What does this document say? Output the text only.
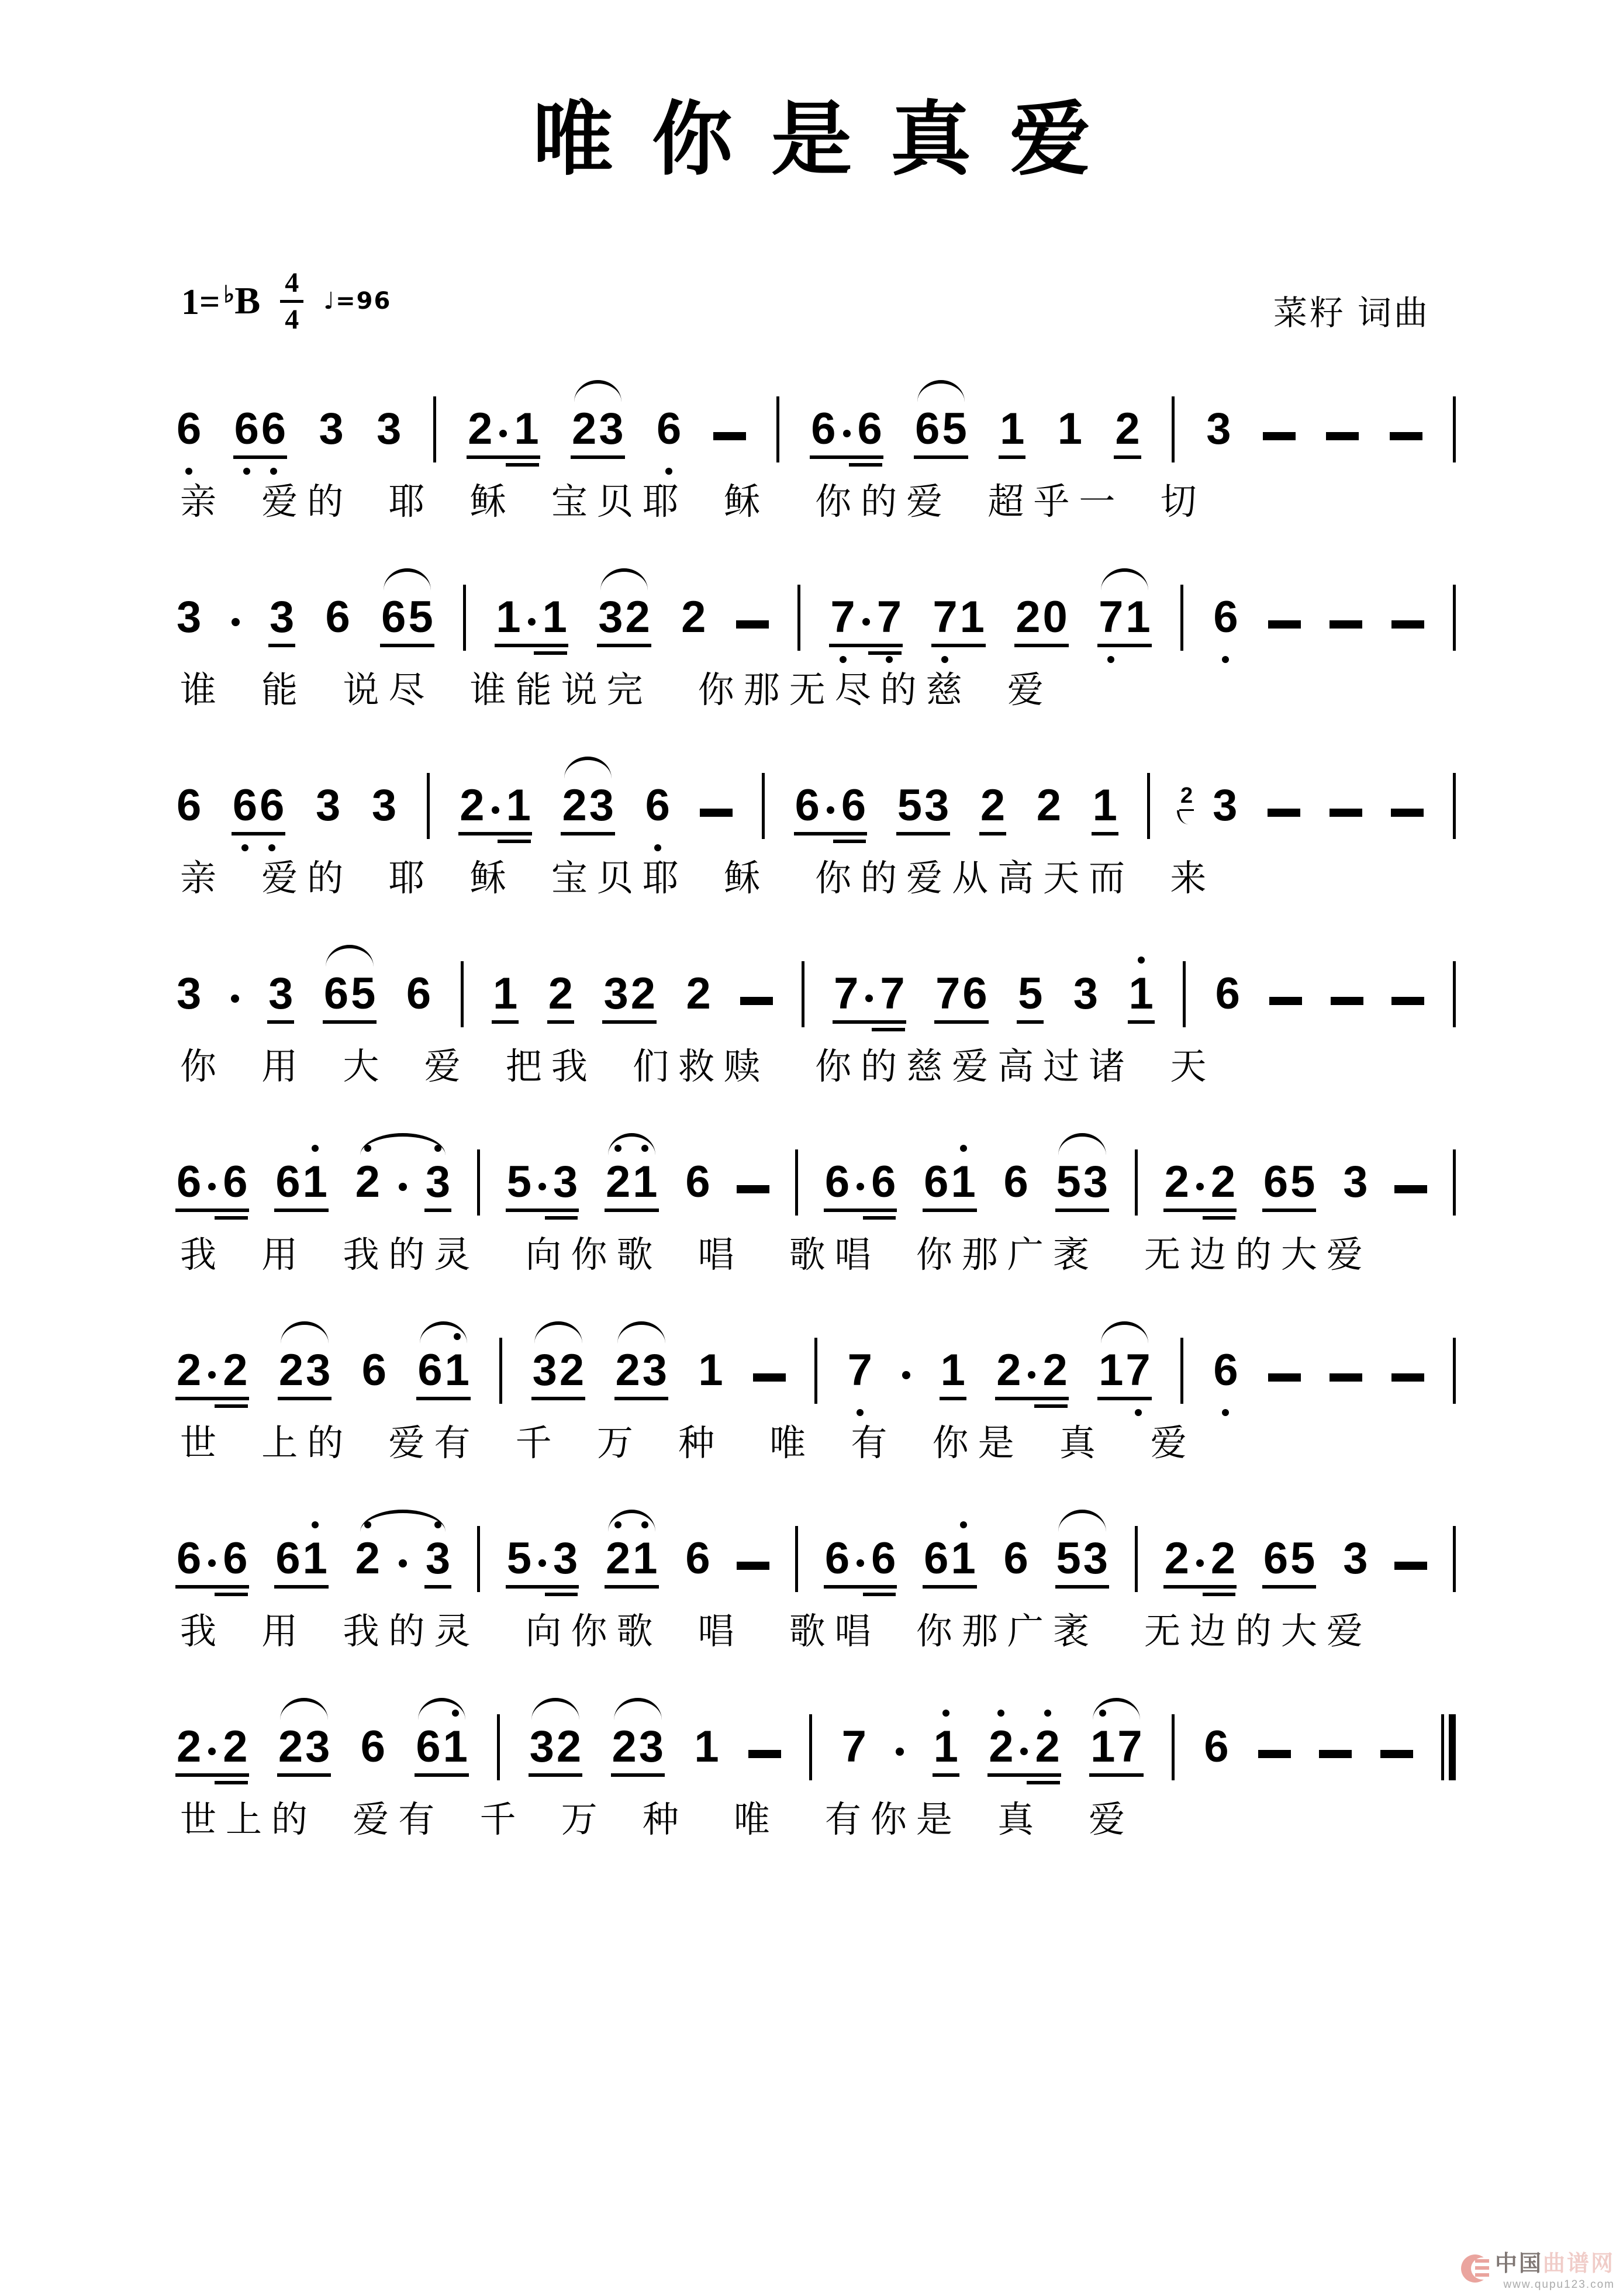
唯你是真爱
1= ♭ B $\frac{4}{4}$ ♩=96	菜籽 词曲
6 6 6 3 3 2 1 2 3 6	6 6 6 5 1 1 2 3
亲 爱的 耶 稣 宝贝耶 稣　你的爱 超乎一 切
3 3 6 6 5 1 1 3 2 2	7 7 7 1 2 0 7 1 6
谁 能 说尽 谁能说完　你那无尽的慈 爱
6 6 6 3 3 2 1 2 3 6	6 6 5 3 2 2 1	2 3
亲 爱的 耶 稣 宝贝耶 稣　你的爱从高天而 来
3 3 6 5 6 1 2 3 2 2	7 7 7 6 5 3 1 6
你 用 大 爱 把我 们救赎　你的慈爱高过诸 天
6 6 6 1 2 3 5 3 2 1 6	6 6 6 1 6 5 3 2 2 6 5 3
我 用 我的灵　向你歌 唱　歌唱 你那广袤　无边的大爱
2 2 2 3 6 6 1 3 2 2 3 1	7 1 2 2 1 7 6
世 上的 爱有 千 万 种　唯 有 你是 真　爱
6 6 6 1 2 3 5 3 2 1 6	6 6 6 1 6 5 3 2 2 6 5 3
我 用 我的灵　向你歌 唱　歌唱 你那广袤　无边的大爱
2 2 2 3 6 6 1 3 2 2 3 1	7 1 2 2 1 7 6
世上的 爱有 千 万 种　唯　有你是 真　爱
中国曲谱网
www.qupu123.com
